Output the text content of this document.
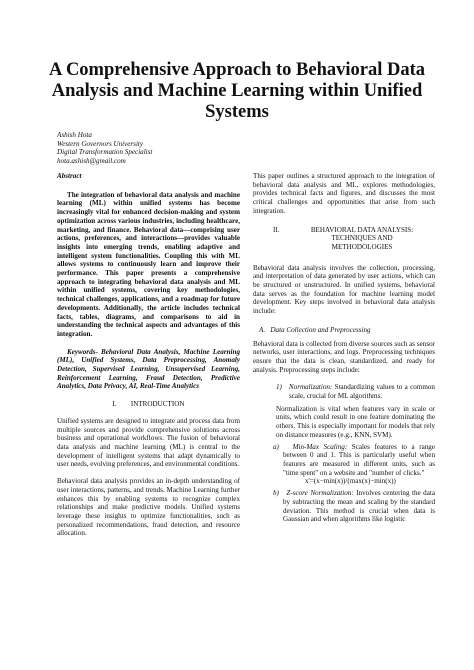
A Comprehensive Approach to Behavioral Data Analysis and Machine Learning within Unified Systems
Ashish Hota
Western Governors University
Digital Transformation Specialist
hota.ashish@gmail.com
Abstract

The integration of behavioral data analysis and machine learning (ML) within unified systems has become increasingly vital for enhanced decision-making and system optimization across various industries, including healthcare, marketing, and finance. Behavioral data—comprising user actions, preferences, and interactions—provides valuable insights into emerging trends, enabling adaptive and intelligent system functionalities. Coupling this with ML allows systems to continuously learn and improve their performance. This paper presents a comprehensive approach to integrating behavioral data analysis and ML within unified systems, covering key methodologies, technical challenges, applications, and a roadmap for future developments. Additionally, the article includes technical facts, tables, diagrams, and comparisons to aid in understanding the technical aspects and advantages of this integration.

Keywords- Behavioral Data Analysis, Machine Learning (ML), Unified Systems, Data Preprocessing, Anomaly Detection, Supervised Learning, Unsupervised Learning, Reinforcement Learning, Fraud Detection, Predictive Analytics, Data Privacy, AI, Real-Time Analytics

I.        INTRODUCTION

Unified systems are designed to integrate and process data from multiple sources and provide comprehensive solutions across business and operational workflows. The fusion of behavioral data analysis and machine learning (ML) is central to the development of intelligent systems that adapt dynamically to user needs, evolving preferences, and environmental conditions.

Behavioral data analysis provides an in-depth understanding of user interactions, patterns, and trends. Machine Learning further enhances this by enabling systems to recognize complex relationships and make predictive models. Unified systems leverage these insights to optimize functionalities, such as personalized recommendations, fraud detection, and resource allocation.

This paper outlines a structured approach to the integration of behavioral data analysis and ML, explores methodologies, provides technical facts and figures, and discusses the most critical challenges and opportunities that arise from such integration.

II.	BEHAVIORAL DATA ANALYSIS:
TECHNIQUES AND
METHODOLOGIES

Behavioral data analysis involves the collection, processing, and interpretation of data generated by user actions, which can be structured or unstructured. In unified systems, behavioral data serves as the foundation for machine learning model development. Key steps involved in behavioral data analysis include:

A.   Data Collection and Preprocessing

Behavioral data is collected from diverse sources such as sensor networks, user interactions, and logs. Preprocessing techniques ensure that the data is clean, standardized, and ready for analysis. Preprocessing steps include:

1)   Normalization: Standardizing values to a common scale, crucial for ML algorithms.

Normalization is vital when features vary in scale or units, which could result in one feature dominating the others. This is especially important for models that rely on distance measures (e.g., KNN, SVM).

a)   Min-Max Scaling: Scales features to a range between 0 and 1. This is particularly useful when features are measured in different units, such as "time spent" on a website and "number of clicks."
x'=(x−min(x))/(max(x)−min(x))
b)   Z-score Normalization: Involves centering the data by subtracting the mean and scaling by the standard deviation. This method is crucial when data is Gaussian and when algorithms like logistic
